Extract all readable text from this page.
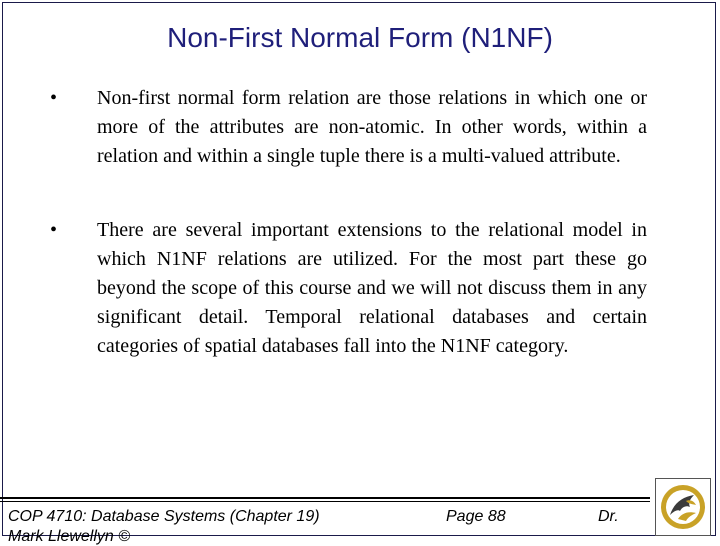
Non-First Normal Form (N1NF)
• Non-first normal form relation are those relations in which one or more of the attributes are non-atomic. In other words, within a relation and within a single tuple there is a multi-valued attribute.

• There are several important extensions to the relational model in which N1NF relations are utilized. For the most part these go beyond the scope of this course and we will not discuss them in any significant detail. Temporal relational databases and certain categories of spatial databases fall into the N1NF category.

COP 4710: Database Systems (Chapter 19)	Page 88	Dr.
Mark Llewellyn ©
